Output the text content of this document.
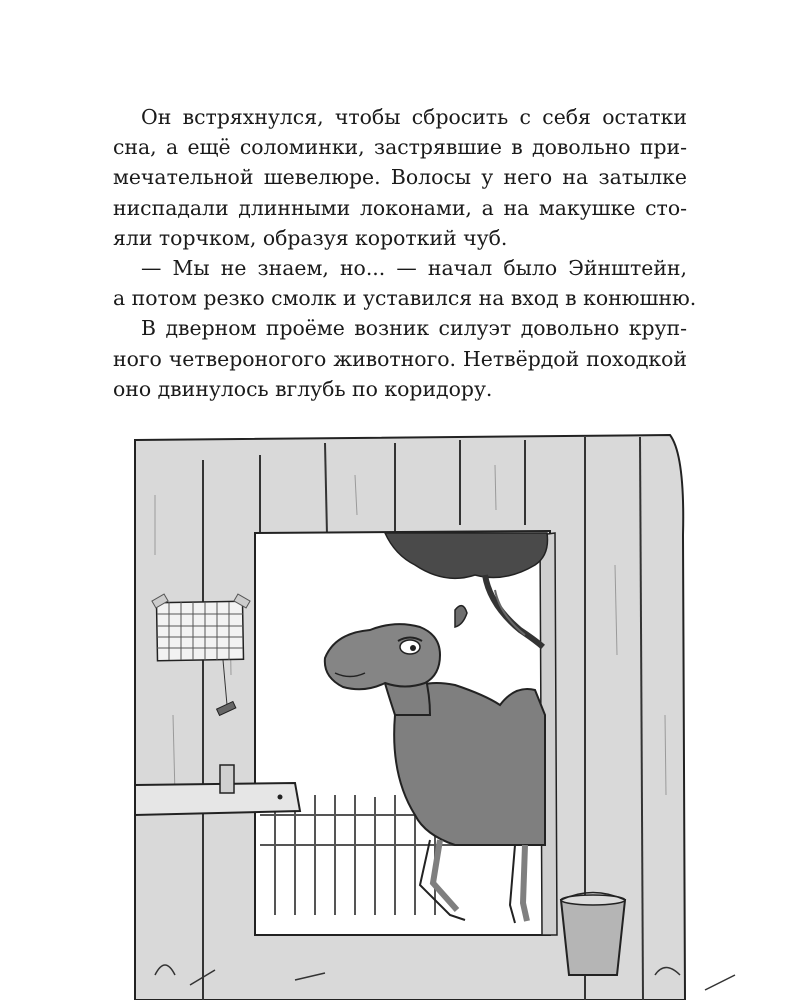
Он встряхнулся, чтобы сбросить с себя остатки
сна, а ещё соломинки, застрявшие в довольно при-
мечательной шевелюре. Волосы у него на затылке
ниспадали длинными локонами, а на макушке сто-
яли торчком, образуя короткий чуб.
— Мы не знаем, но... — начал было Эйнштейн,
а потом резко смолк и уставился на вход в конюшню.
В дверном проёме возник силуэт довольно круп-
ного четвероногого животного. Нетвёрдой походкой
оно двинулось вглубь по коридору.
